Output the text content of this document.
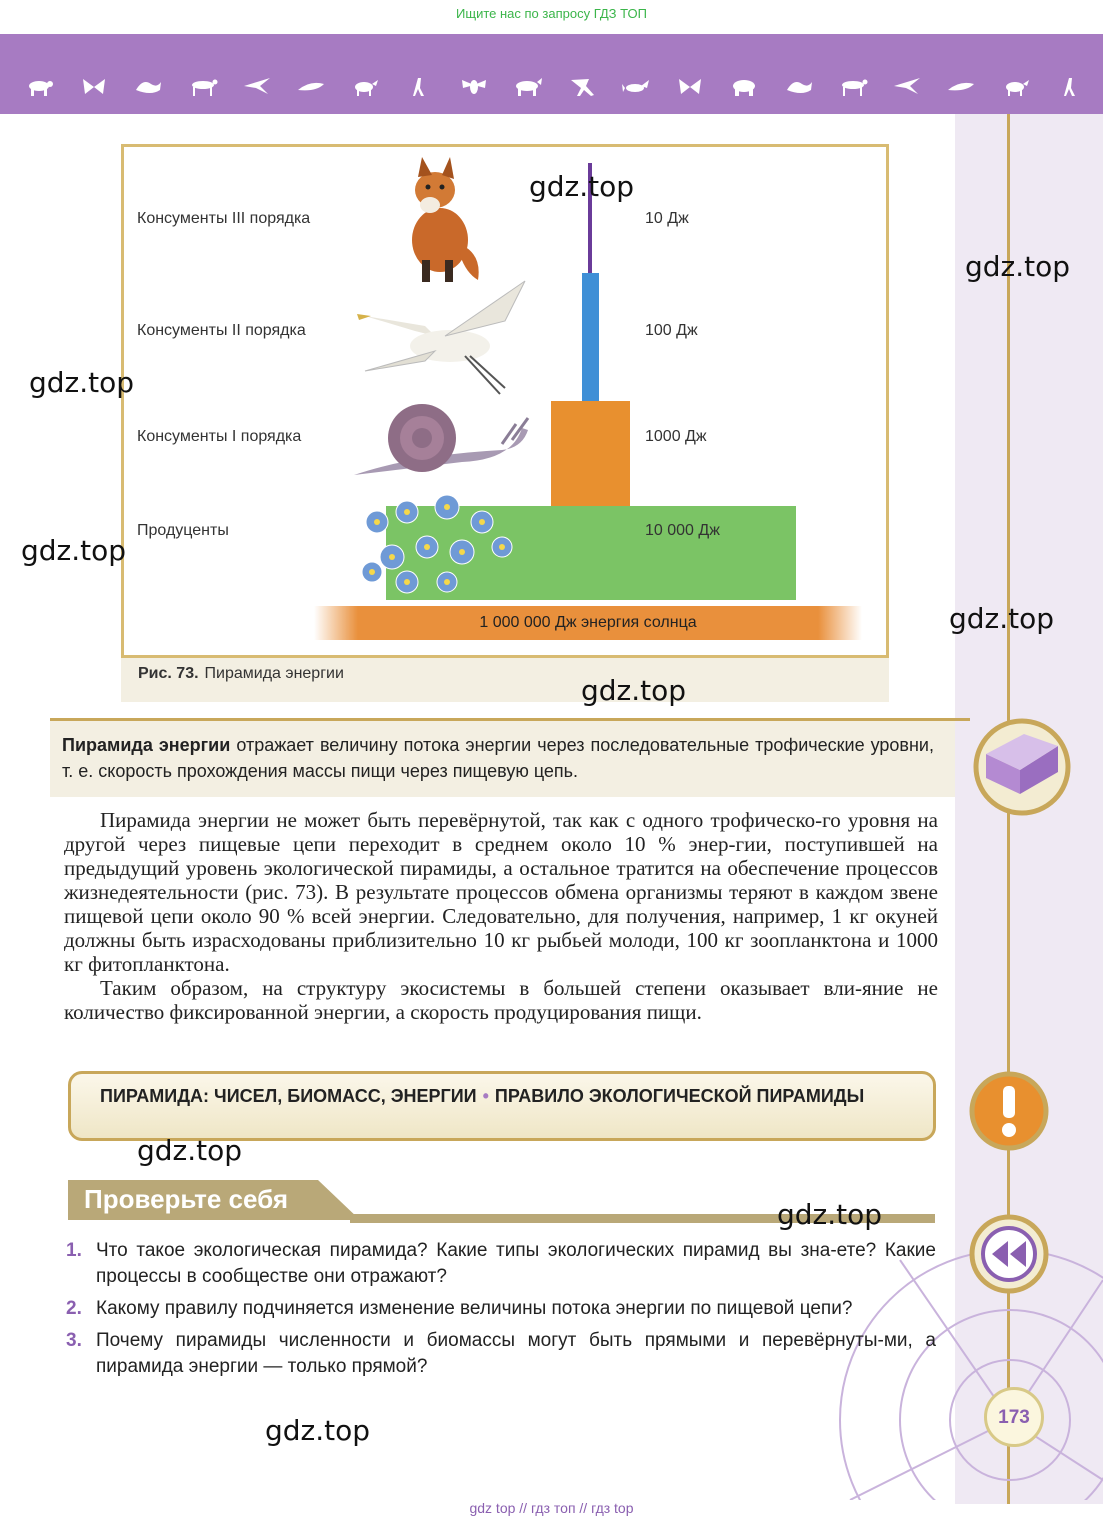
Ищите нас по запросу ГДЗ ТОП
Консументы III порядка
Консументы II порядка
Консументы I порядка
Продуценты
10 Дж
100 Дж
1000 Дж
10 000 Дж
1 000 000 Дж энергия солнца
Рис. 73. Пирамида энергии
Пирамида энергии отражает величину потока энергии через последовательные трофические уровни, т. е. скорость прохождения массы пищи через пищевую цепь.

Пирамида энергии не может быть перевёрнутой, так как с одного трофическо-го уровня на другой через пищевые цепи переходит в среднем около 10 % энер-гии, поступившей на предыдущий уровень экологической пирамиды, а остальное тратится на обеспечение процессов жизнедеятельности (рис. 73). В результате процессов обмена организмы теряют в каждом звене пищевой цепи около 90 % всей энергии. Следовательно, для получения, например, 1 кг окуней должны быть израсходованы приблизительно 10 кг рыбьей молоди, 100 кг зоопланктона и 1000 кг фитопланктона.

Таким образом, на структуру экосистемы в большей степени оказывает вли-яние не количество фиксированной энергии, а скорость продуцирования пищи.

ПИРАМИДА: ЧИСЕЛ, БИОМАСС, ЭНЕРГИИ • ПРАВИЛО ЭКОЛОГИЧЕСКОЙ ПИРАМИДЫ
Проверьте себя
1. Что такое экологическая пирамида? Какие типы экологических пирамид вы зна-ете? Какие процессы в сообществе они отражают?
2. Какому правилу подчиняется изменение величины потока энергии по пищевой цепи?
3. Почему пирамиды численности и биомассы могут быть прямыми и перевёрнуты-ми, а пирамида энергии — только прямой?
173
gdz.top
gdz.top
gdz.top
gdz.top
gdz.top
gdz.top
gdz.top
gdz.top
gdz.top
gdz top // гдз топ // гдз top
